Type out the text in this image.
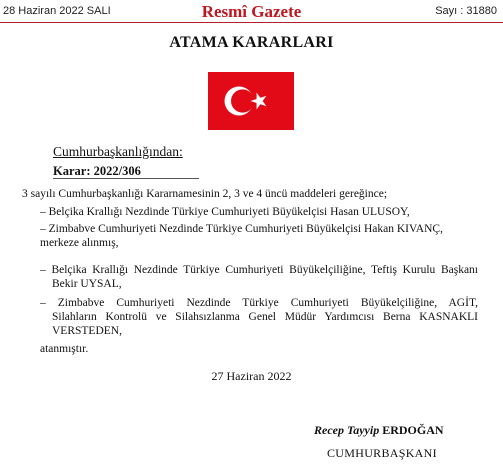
28 Haziran 2022 SALI	Resmî Gazete	Sayı : 31880
ATAMA KARARLARI
Cumhurbaşkanlığından:
Karar: 2022/306
3 sayılı Cumhurbaşkanlığı Kararnamesinin 2, 3 ve 4 üncü maddeleri gereğince;
– Belçika Krallığı Nezdinde Türkiye Cumhuriyeti Büyükelçisi Hasan ULUSOY,
– Zimbabve Cumhuriyeti Nezdinde Türkiye Cumhuriyeti Büyükelçisi Hakan KIVANÇ,
merkeze alınmış,
– Belçika Krallığı Nezdinde Türkiye Cumhuriyeti Büyükelçiliğine, Teftiş Kurulu Başkanı
Bekir UYSAL,
– Zimbabve Cumhuriyeti Nezdinde Türkiye Cumhuriyeti Büyükelçiliğine, AGİT,
Silahların Kontrolü ve Silahsızlanma Genel Müdür Yardımcısı Berna KASNAKLI
VERSTEDEN,
atanmıştır.
27 Haziran 2022
Recep Tayyip ERDOĞAN
CUMHURBAŞKANI
